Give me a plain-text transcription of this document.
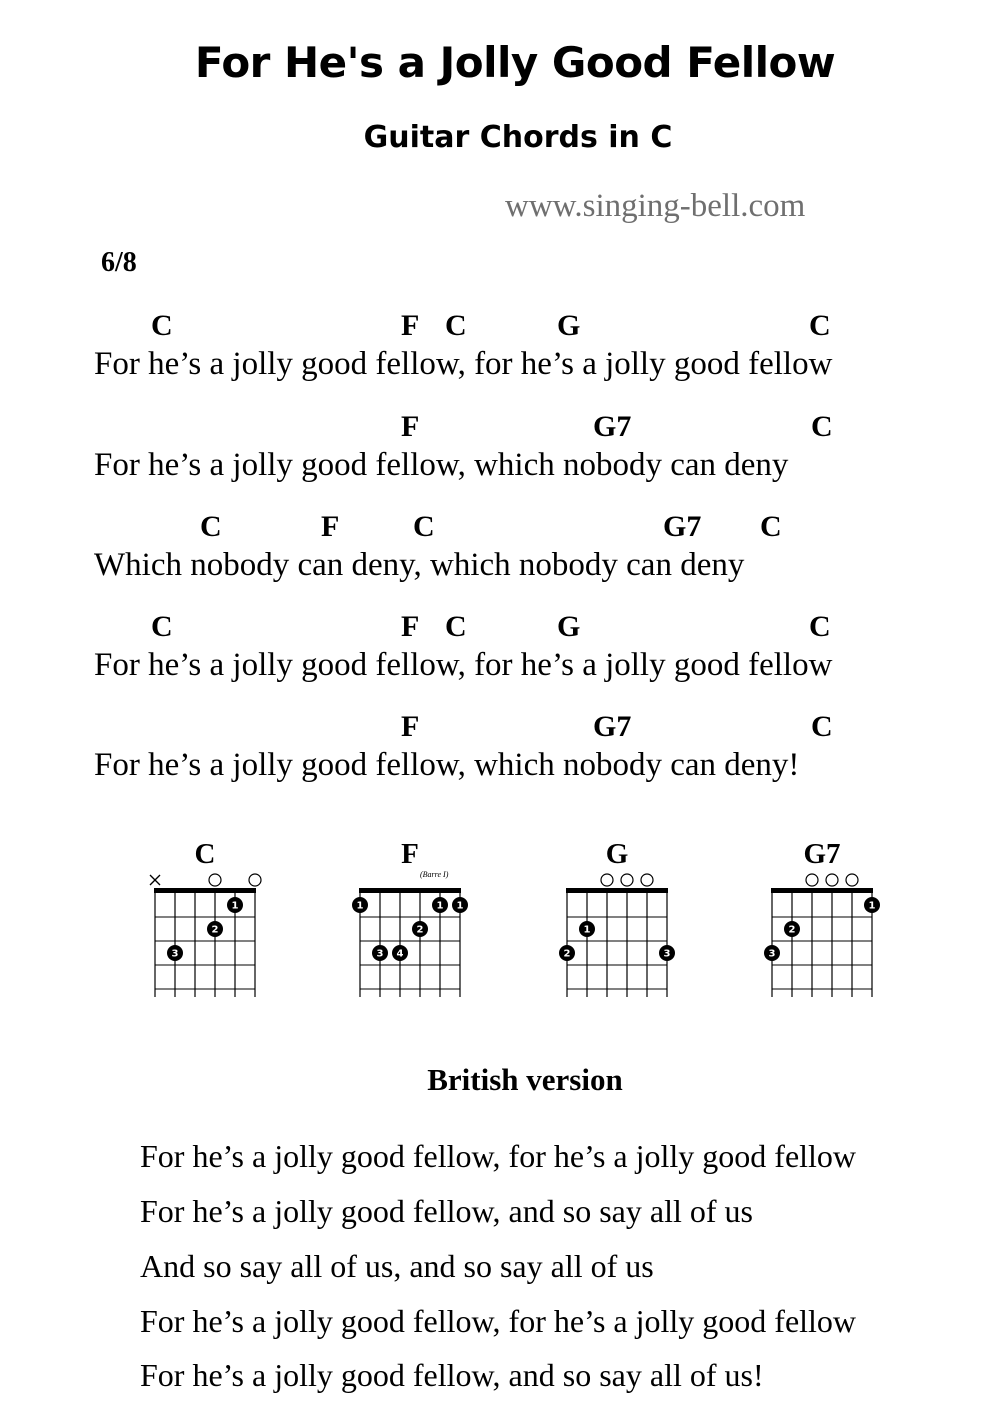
For He's a Jolly Good Fellow
Guitar Chords in C
www.singing-bell.com
6/8
C	F C	G	C
For he’s a jolly good fellow, for he’s a jolly good fellow
F	G7	C
For he’s a jolly good fellow, which nobody can deny
C	F C	G7 C
Which nobody can deny, which nobody can deny
C	F C	G	C
For he’s a jolly good fellow, for he’s a jolly good fellow
F	G7	C
For he’s a jolly good fellow, which nobody can deny!
1
2
3
C
1	1 1
2
3 4
F
(Barre I)
1
2	3
G
1
2
3
G7
British version
For he’s a jolly good fellow, for he’s a jolly good fellow
For he’s a jolly good fellow, and so say all of us
And so say all of us, and so say all of us
For he’s a jolly good fellow, for he’s a jolly good fellow
For he’s a jolly good fellow, and so say all of us!
